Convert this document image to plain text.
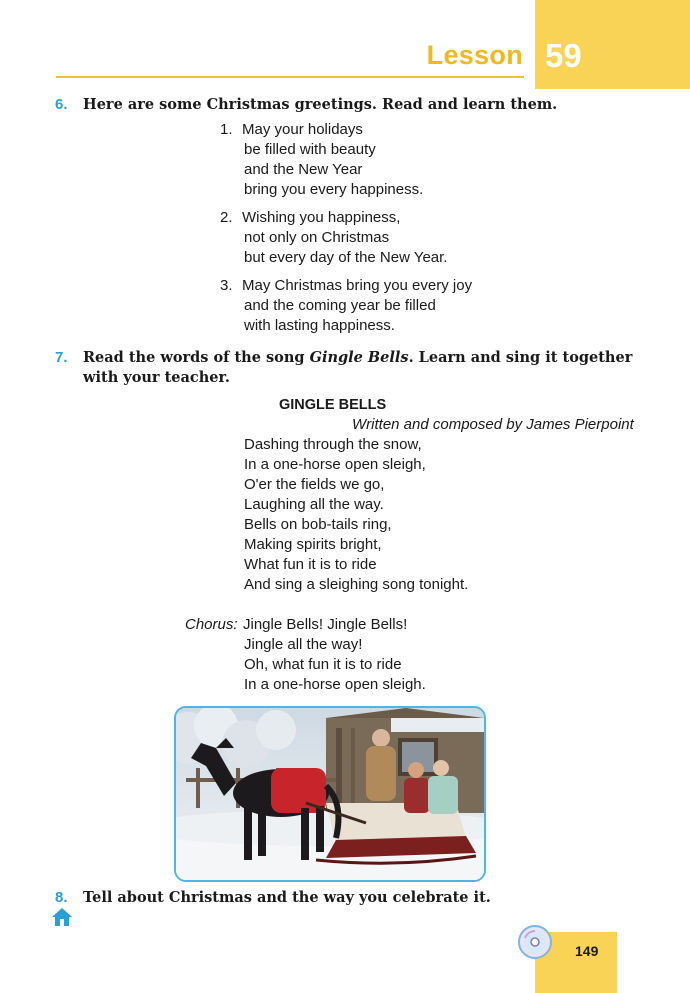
Lesson 59
6. Here are some Christmas greetings. Read and learn them.
1. May your holidays
be filled with beauty
and the New Year
bring you every happiness.
2. Wishing you happiness,
not only on Christmas
but every day of the New Year.
3. May Christmas bring you every joy
and the coming year be filled
with lasting happiness.
7. Read the words of the song Gingle Bells. Learn and sing it together
with your teacher.
GINGLE BELLS
Written and composed by James Pierpoint
Dashing through the snow,
In a one-horse open sleigh,
O'er the fields we go,
Laughing all the way.
Bells on bob-tails ring,
Making spirits bright,
What fun it is to ride
And sing a sleighing song tonight.
Chorus: Jingle Bells! Jingle Bells!
Jingle all the way!
Oh, what fun it is to ride
In a one-horse open sleigh.
8. Tell about Christmas and the way you celebrate it.
149
